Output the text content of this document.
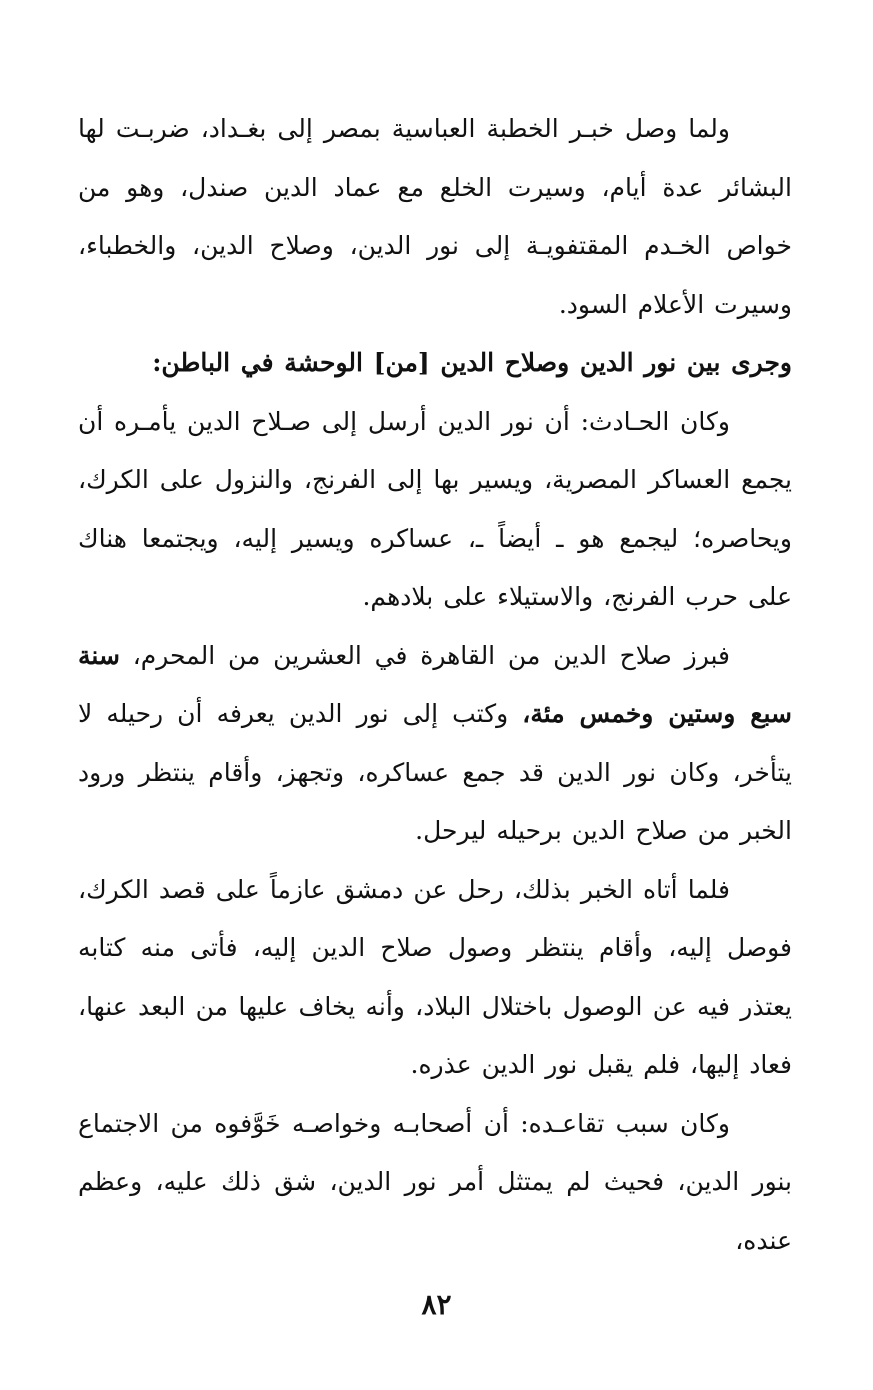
ولما وصل خبـر الخطبة العباسية بمصر إلى بغـداد، ضربـت لها البشائر عدة أيام، وسيرت الخلع مع عماد الدين صندل، وهو من خواص الخـدم المقتفويـة إلى نور الدين، وصلاح الدين، والخطباء، وسيرت الأعلام السود.

وجرى بين نور الدين وصلاح الدين [من] الوحشة في الباطن:

وكان الحـادث: أن نور الدين أرسل إلى صـلاح الدين يأمـره أن يجمع العساكر المصرية، ويسير بها إلى الفرنج، والنزول على الكرك، ويحاصره؛ ليجمع هو ـ أيضاً ـ، عساكره ويسير إليه، ويجتمعا هناك على حرب الفرنج، والاستيلاء على بلادهم.

فبرز صلاح الدين من القاهرة في العشرين من المحرم، سنة سبع وستين وخمس مئة، وكتب إلى نور الدين يعرفه أن رحيله لا يتأخر، وكان نور الدين قد جمع عساكره، وتجهز، وأقام ينتظر ورود الخبر من صلاح الدين برحيله ليرحل.

فلما أتاه الخبر بذلك، رحل عن دمشق عازماً على قصد الكرك، فوصل إليه، وأقام ينتظر وصول صلاح الدين إليه، فأتى منه كتابه يعتذر فيه عن الوصول باختلال البلاد، وأنه يخاف عليها من البعد عنها، فعاد إليها، فلم يقبل نور الدين عذره.

وكان سبب تقاعـده: أن أصحابـه وخواصـه خَوَّفوه من الاجتماع بنور الدين، فحيث لم يمتثل أمر نور الدين، شق ذلك عليه، وعظم عنده،

٨٢
